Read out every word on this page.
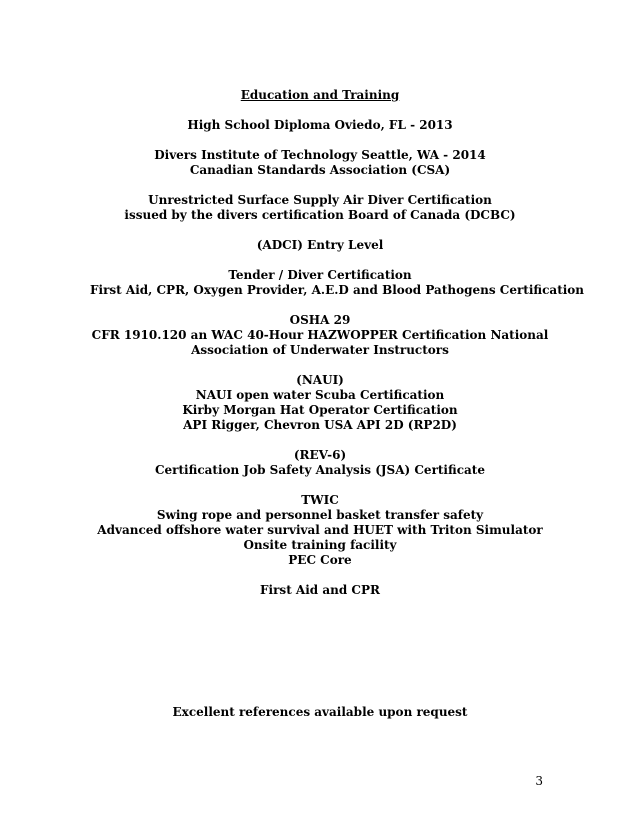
Education and Training
High School Diploma Oviedo, FL - 2013
Divers Institute of Technology Seattle, WA - 2014
Canadian Standards Association (CSA)
Unrestricted Surface Supply Air Diver Certification
issued by the divers certification Board of Canada (DCBC)
(ADCI) Entry Level
Tender / Diver Certification
First Aid, CPR, Oxygen Provider, A.E.D and Blood Pathogens Certification
OSHA 29
CFR 1910.120 an WAC 40-Hour HAZWOPPER Certification National
Association of Underwater Instructors
(NAUI)
NAUI open water Scuba Certification
Kirby Morgan Hat Operator Certification
API Rigger, Chevron USA API 2D (RP2D)
(REV-6)
Certification Job Safety Analysis (JSA) Certificate
TWIC
Swing rope and personnel basket transfer safety
Advanced offshore water survival and HUET with Triton Simulator
Onsite training facility
PEC Core
First Aid and CPR
Excellent references available upon request
3
